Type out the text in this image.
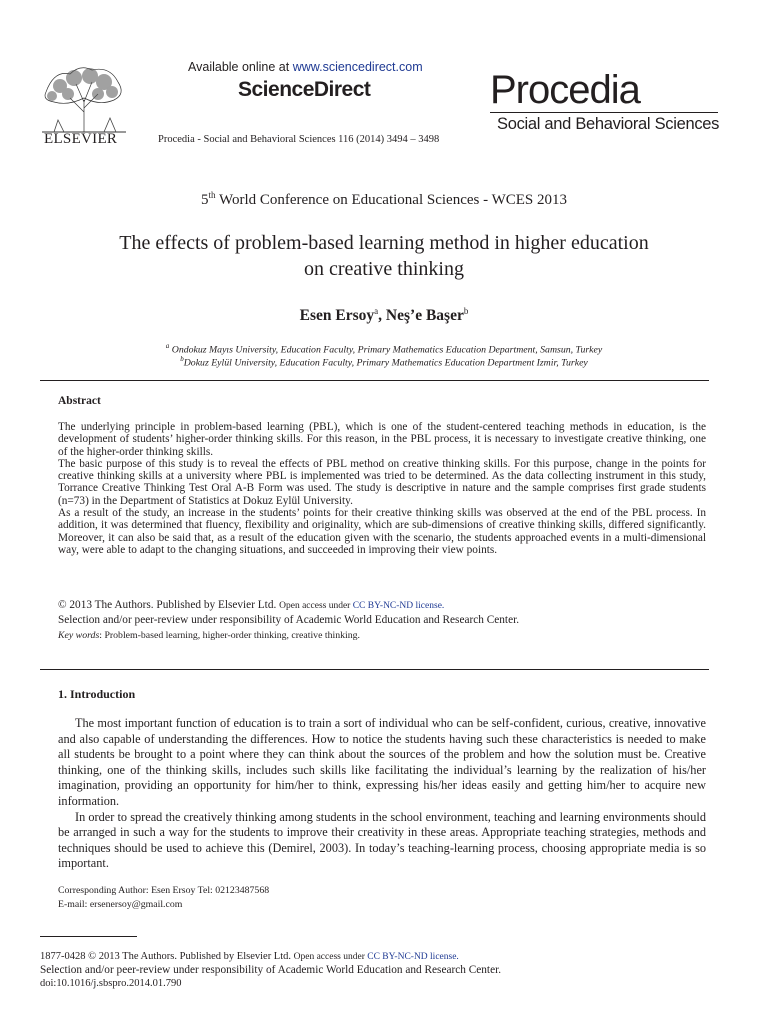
Available online at www.sciencedirect.com
ScienceDirect
ELSEVIER	Procedia - Social and Behavioral Sciences 116 (2014) 3494 – 3498
Procedia
Social and Behavioral Sciences
5th World Conference on Educational Sciences - WCES 2013
The effects of problem-based learning method in higher education
on creative thinking
Esen Ersoy$^a$, Neş’e Başer$^b$
$^a$ Ondokuz Mayıs University, Education Faculty, Primary Mathematics Education Department, Samsun, Turkey
$^b$Dokuz Eylül University, Education Faculty, Primary Mathematics Education Department Izmir, Turkey
Abstract

The underlying principle in problem-based learning (PBL), which is one of the student-centered teaching methods in education, is the development of students’ higher-order thinking skills. For this reason, in the PBL process, it is necessary to investigate creative thinking, one of the higher-order thinking skills.

The basic purpose of this study is to reveal the effects of PBL method on creative thinking skills. For this purpose, change in the points for creative thinking skills at a university where PBL is implemented was tried to be determined. As the data collecting instrument in this study, Torrance Creative Thinking Test Oral A-B Form was used. The study is descriptive in nature and the sample comprises first grade students (n=73) in the Department of Statistics at Dokuz Eylül University.

As a result of the study, an increase in the students’ points for their creative thinking skills was observed at the end of the PBL process. In addition, it was determined that fluency, flexibility and originality, which are sub-dimensions of creative thinking skills, differed significantly. Moreover, it can also be said that, as a result of the education given with the scenario, the students approached events in a multi-dimensional way, were able to adapt to the changing situations, and succeeded in improving their view points.

© 2013 The Authors. Published by Elsevier Ltd. Open access under CC BY-NC-ND license.
Selection and/or peer-review under responsibility of Academic World Education and Research Center.
Key words: Problem-based learning, higher-order thinking, creative thinking.
1. Introduction

The most important function of education is to train a sort of individual who can be self-confident, curious, creative, innovative and also capable of understanding the differences. How to notice the students having such these characteristics is needed to make all students be brought to a point where they can think about the sources of the problem and how the solution must be. Creative thinking, one of the thinking skills, includes such skills like facilitating the individual’s learning by the realization of his/her imagination, providing an opportunity for him/her to think, expressing his/her ideas easily and getting him/her to acquire new information.

In order to spread the creatively thinking among students in the school environment, teaching and learning environments should be arranged in such a way for the students to improve their creativity in these areas. Appropriate teaching strategies, methods and techniques should be used to achieve this (Demirel, 2003). In today’s teaching-learning process, choosing appropriate media is so important.

Corresponding Author: Esen Ersoy Tel: 02123487568
E-mail: ersenersoy@gmail.com
1877-0428 © 2013 The Authors. Published by Elsevier Ltd. Open access under CC BY-NC-ND license.
Selection and/or peer-review under responsibility of Academic World Education and Research Center.
doi:10.1016/j.sbspro.2014.01.790
